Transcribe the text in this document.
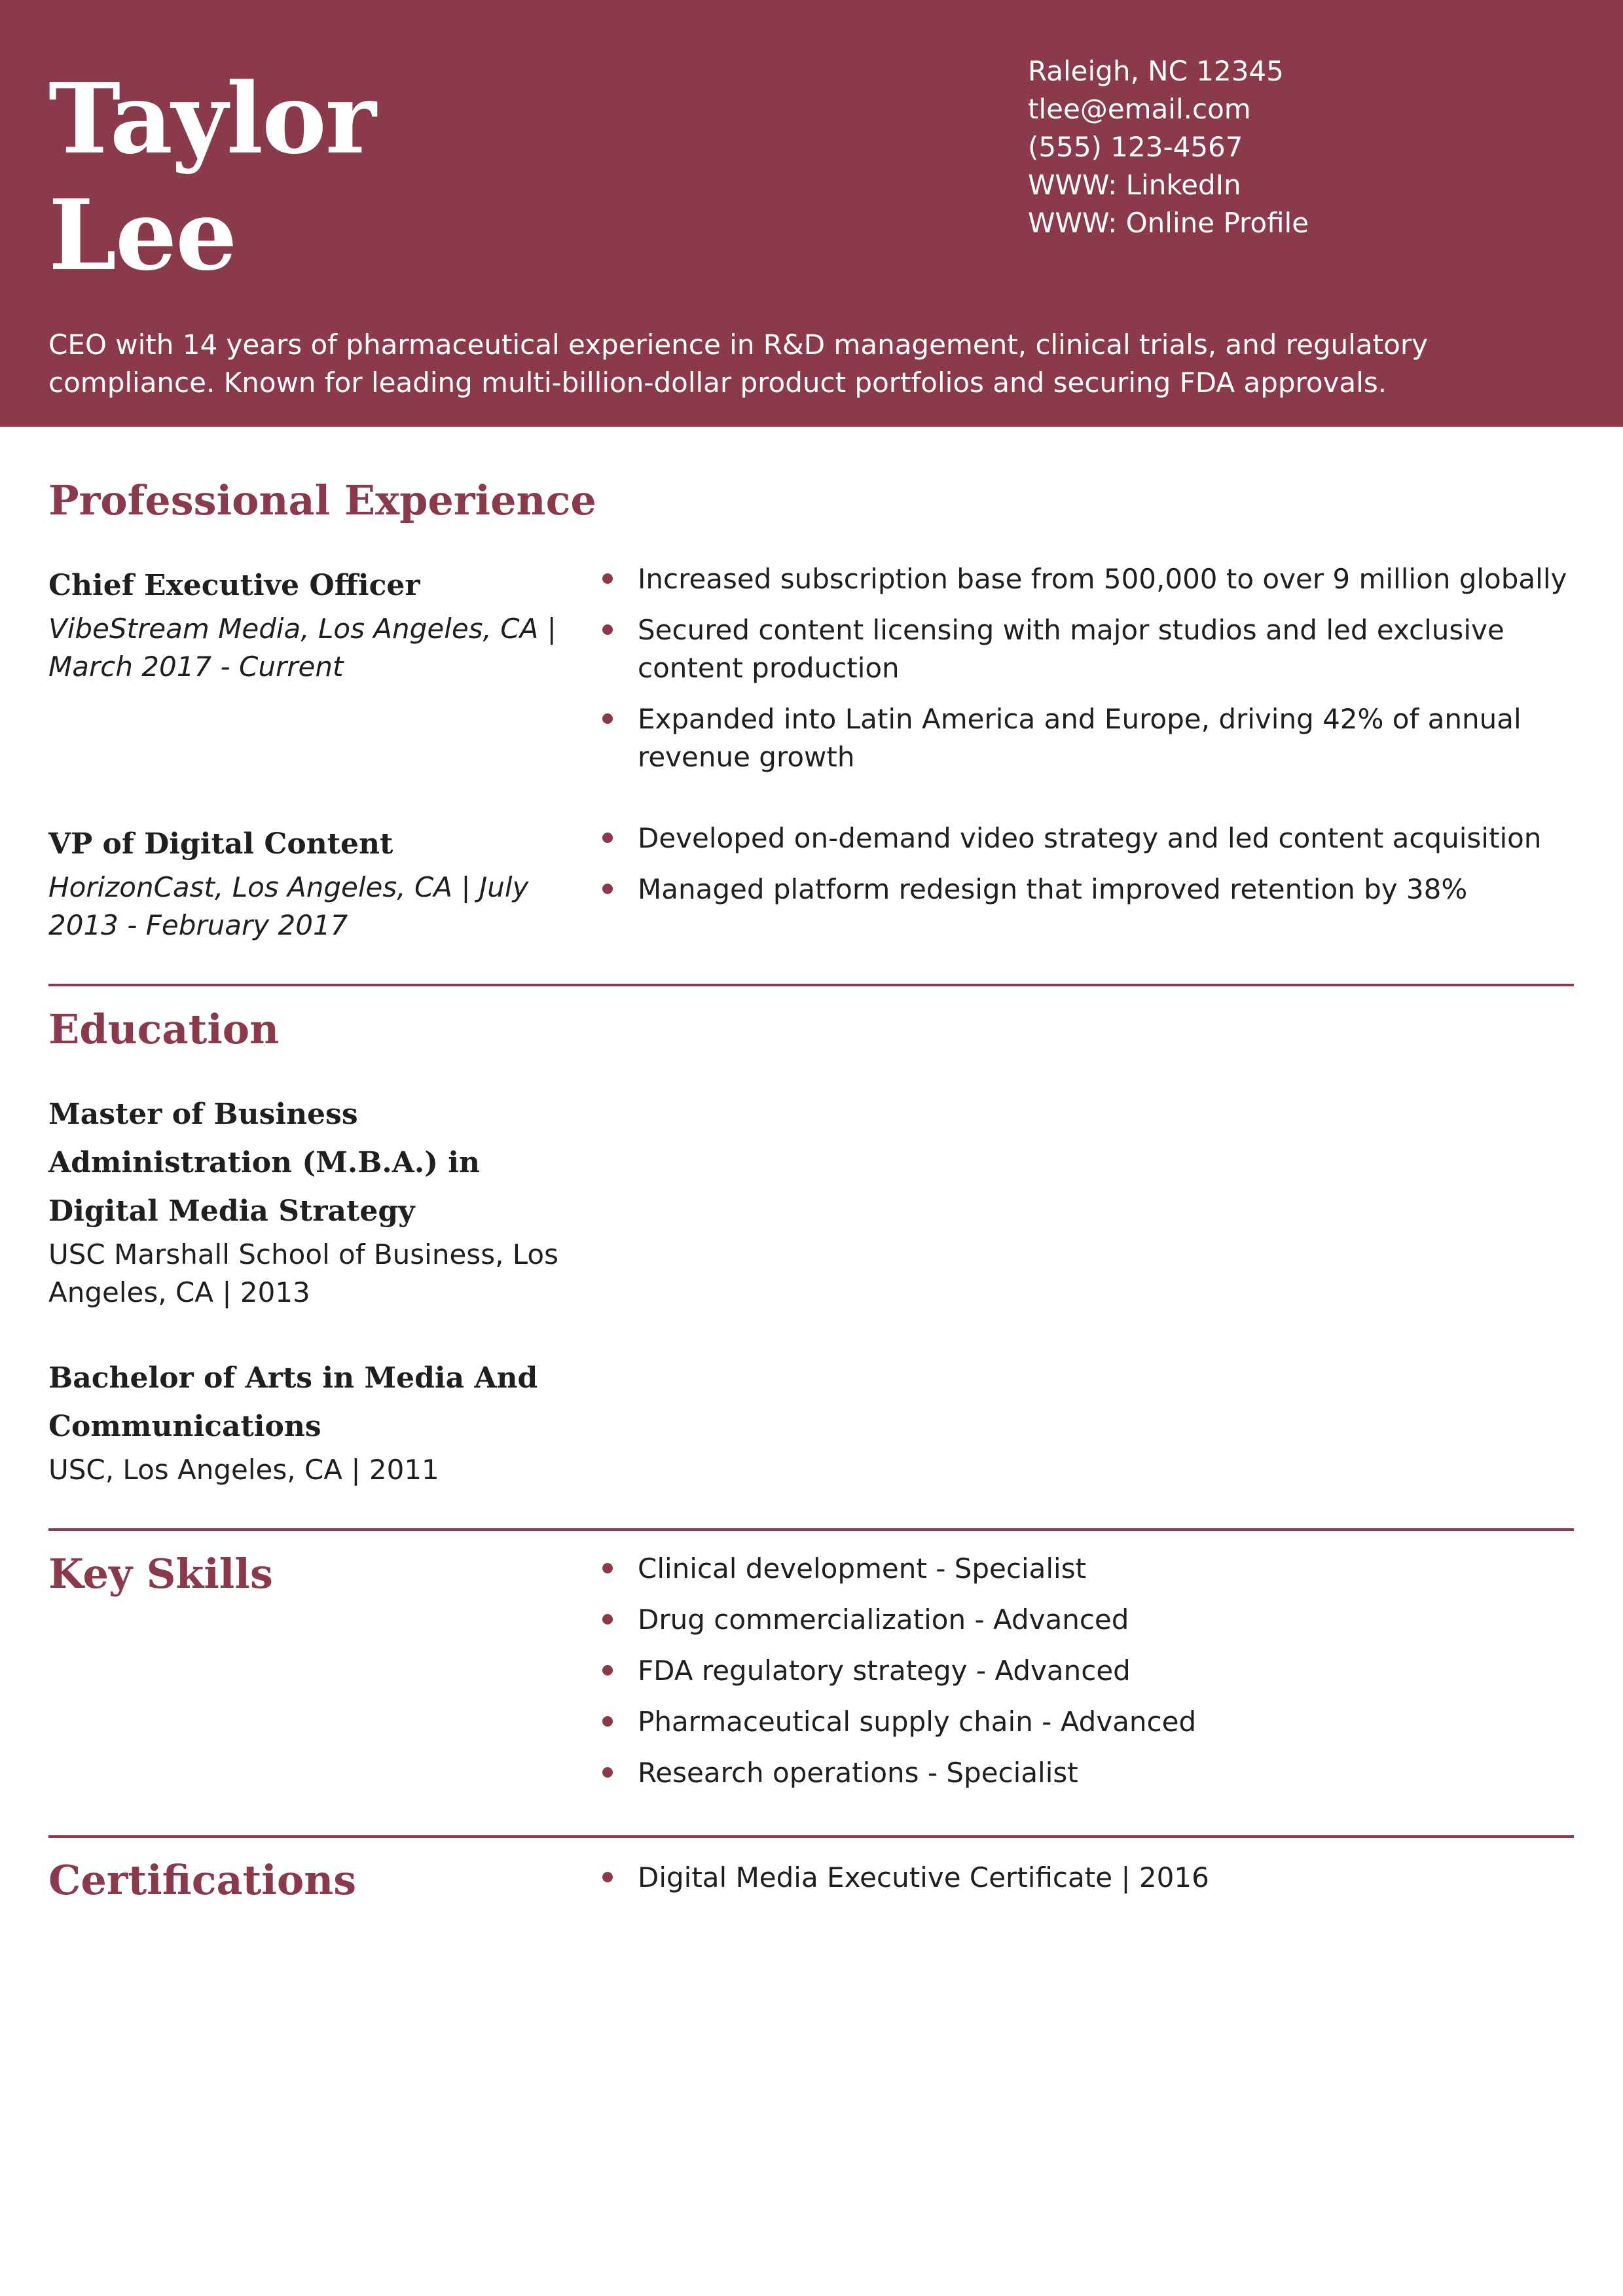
Taylor
Lee
Raleigh, NC 12345
tlee@email.com
(555) 123-4567
WWW: LinkedIn
WWW: Online Profile
CEO with 14 years of pharmaceutical experience in R&D management, clinical trials, and regulatory compliance. Known for leading multi-billion-dollar product portfolios and securing FDA approvals.
Professional Experience
Chief Executive Officer
VibeStream Media, Los Angeles, CA | March 2017 - Current
Increased subscription base from 500,000 to over 9 million globally
Secured content licensing with major studios and led exclusive content production
Expanded into Latin America and Europe, driving 42% of annual revenue growth
VP of Digital Content
HorizonCast, Los Angeles, CA | July 2013 - February 2017
Developed on-demand video strategy and led content acquisition
Managed platform redesign that improved retention by 38%
Education
Master of Business Administration (M.B.A.) in Digital Media Strategy
USC Marshall School of Business, Los Angeles, CA | 2013
Bachelor of Arts in Media And Communications
USC, Los Angeles, CA | 2011
Key Skills	Clinical development - Specialist
Drug commercialization - Advanced
FDA regulatory strategy - Advanced
Pharmaceutical supply chain - Advanced
Research operations - Specialist
Certifications	Digital Media Executive Certificate | 2016
